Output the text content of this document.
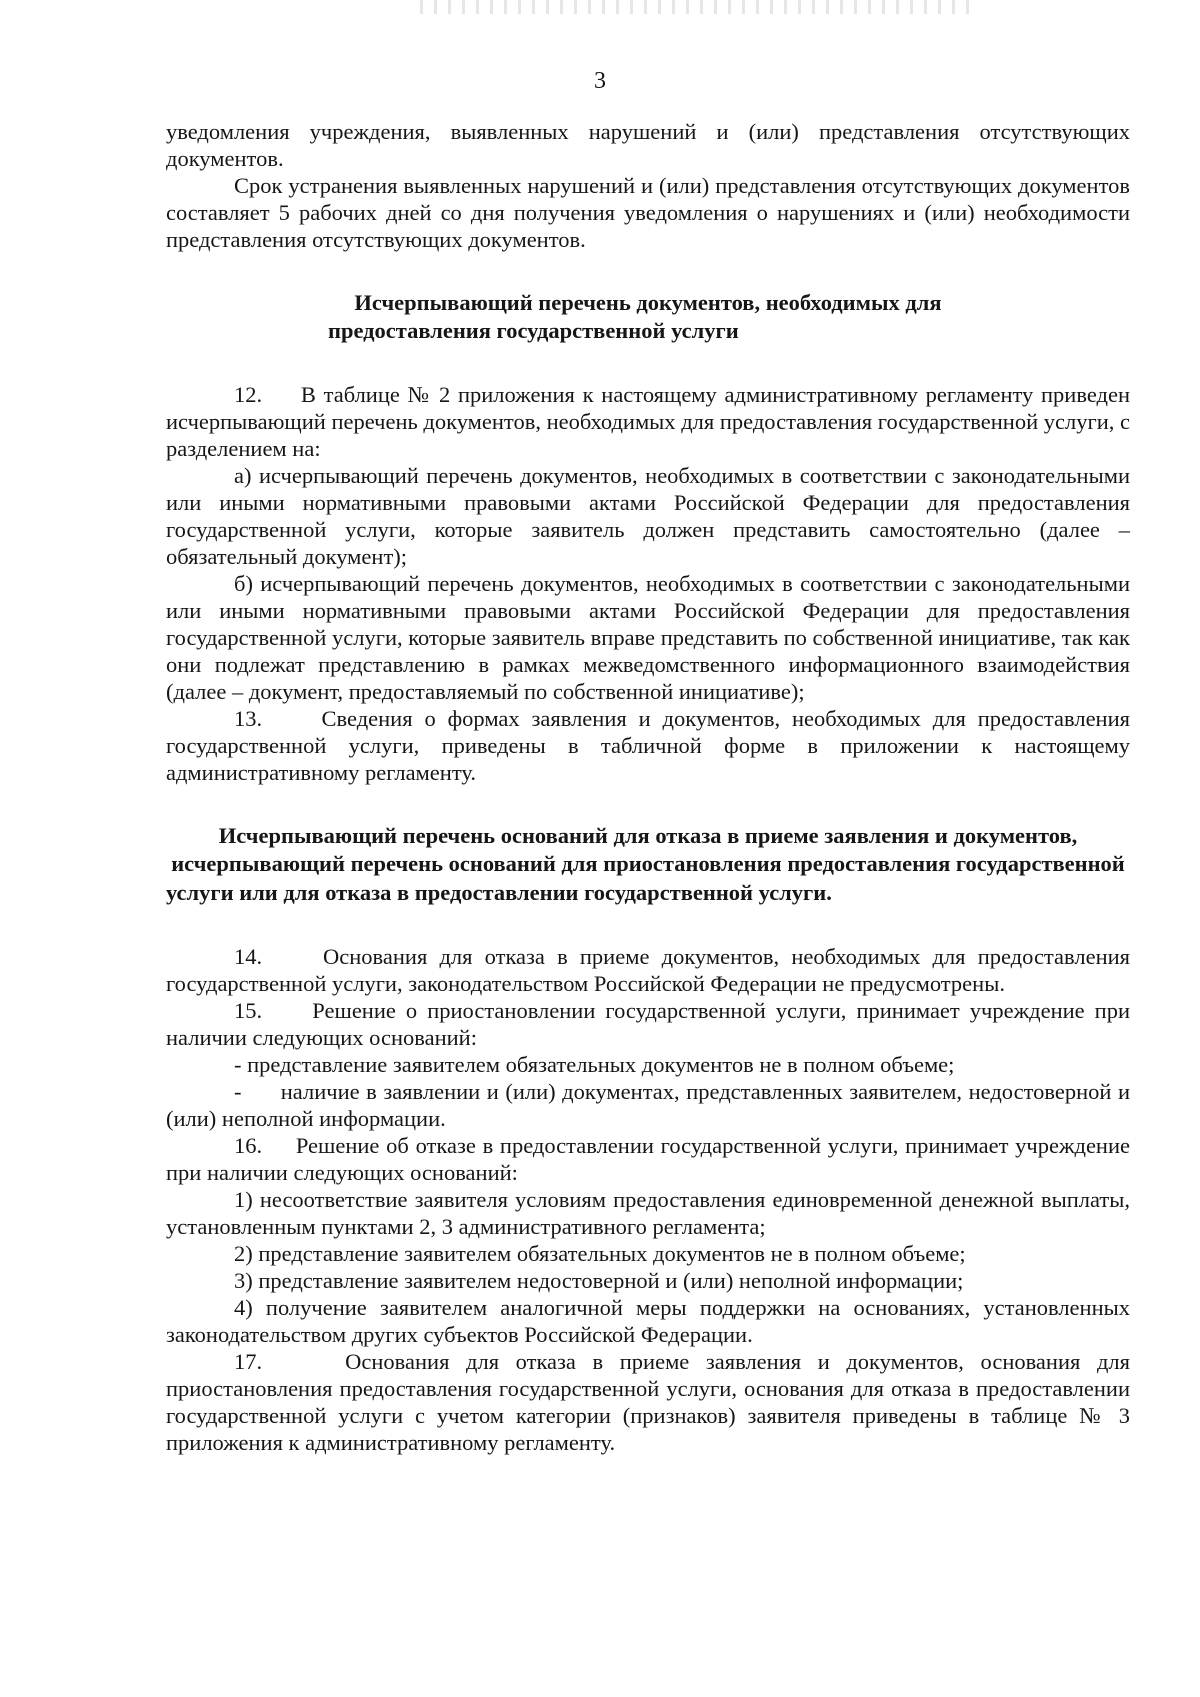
3

уведомления учреждения, выявленных нарушений и (или) представления отсутствующих документов.

Срок устранения выявленных нарушений и (или) представления отсутствующих документов составляет 5 рабочих дней со дня получения уведомления о нарушениях и (или) необходимости представления отсутствующих документов.

Исчерпывающий перечень документов, необходимых для предоставления государственной услуги

12.     В таблице № 2 приложения к настоящему административному регламенту приведен исчерпывающий перечень документов, необходимых для предоставления государственной услуги, с разделением на:

а) исчерпывающий перечень документов, необходимых в соответствии с законодательными или иными нормативными правовыми актами Российской Федерации для предоставления государственной услуги, которые заявитель должен представить самостоятельно (далее – обязательный документ);

б) исчерпывающий перечень документов, необходимых в соответствии с законодательными или иными нормативными правовыми актами Российской Федерации для предоставления государственной услуги, которые заявитель вправе представить по собственной инициативе, так как они подлежат представлению в рамках межведомственного информационного взаимодействия (далее – документ, предоставляемый по собственной инициативе);

13.     Сведения о формах заявления и документов, необходимых для предоставления государственной услуги, приведены в табличной форме в приложении к настоящему административному регламенту.

Исчерпывающий перечень оснований для отказа в приеме заявления и документов, исчерпывающий перечень оснований для приостановления предоставления государственной услуги или для отказа в предоставлении государственной услуги.

14.     Основания для отказа в приеме документов, необходимых для предоставления государственной услуги, законодательством Российской Федерации не предусмотрены.

15.     Решение о приостановлении государственной услуги, принимает учреждение при наличии следующих оснований:

- представление заявителем обязательных документов не в полном объеме;

-      наличие в заявлении и (или) документах, представленных заявителем, недостоверной и (или) неполной информации.

16.     Решение об отказе в предоставлении государственной услуги, принимает учреждение при наличии следующих оснований:

1) несоответствие заявителя условиям предоставления единовременной денежной выплаты, установленным пунктами 2, 3 административного регламента;

2) представление заявителем обязательных документов не в полном объеме;

3) представление заявителем недостоверной и (или) неполной информации;

4) получение заявителем аналогичной меры поддержки на основаниях, установленных законодательством других субъектов Российской Федерации.

17.     Основания для отказа в приеме заявления и документов, основания для приостановления предоставления государственной услуги, основания для отказа в предоставлении государственной услуги с учетом категории (признаков) заявителя приведены в таблице № 3 приложения к административному регламенту.
